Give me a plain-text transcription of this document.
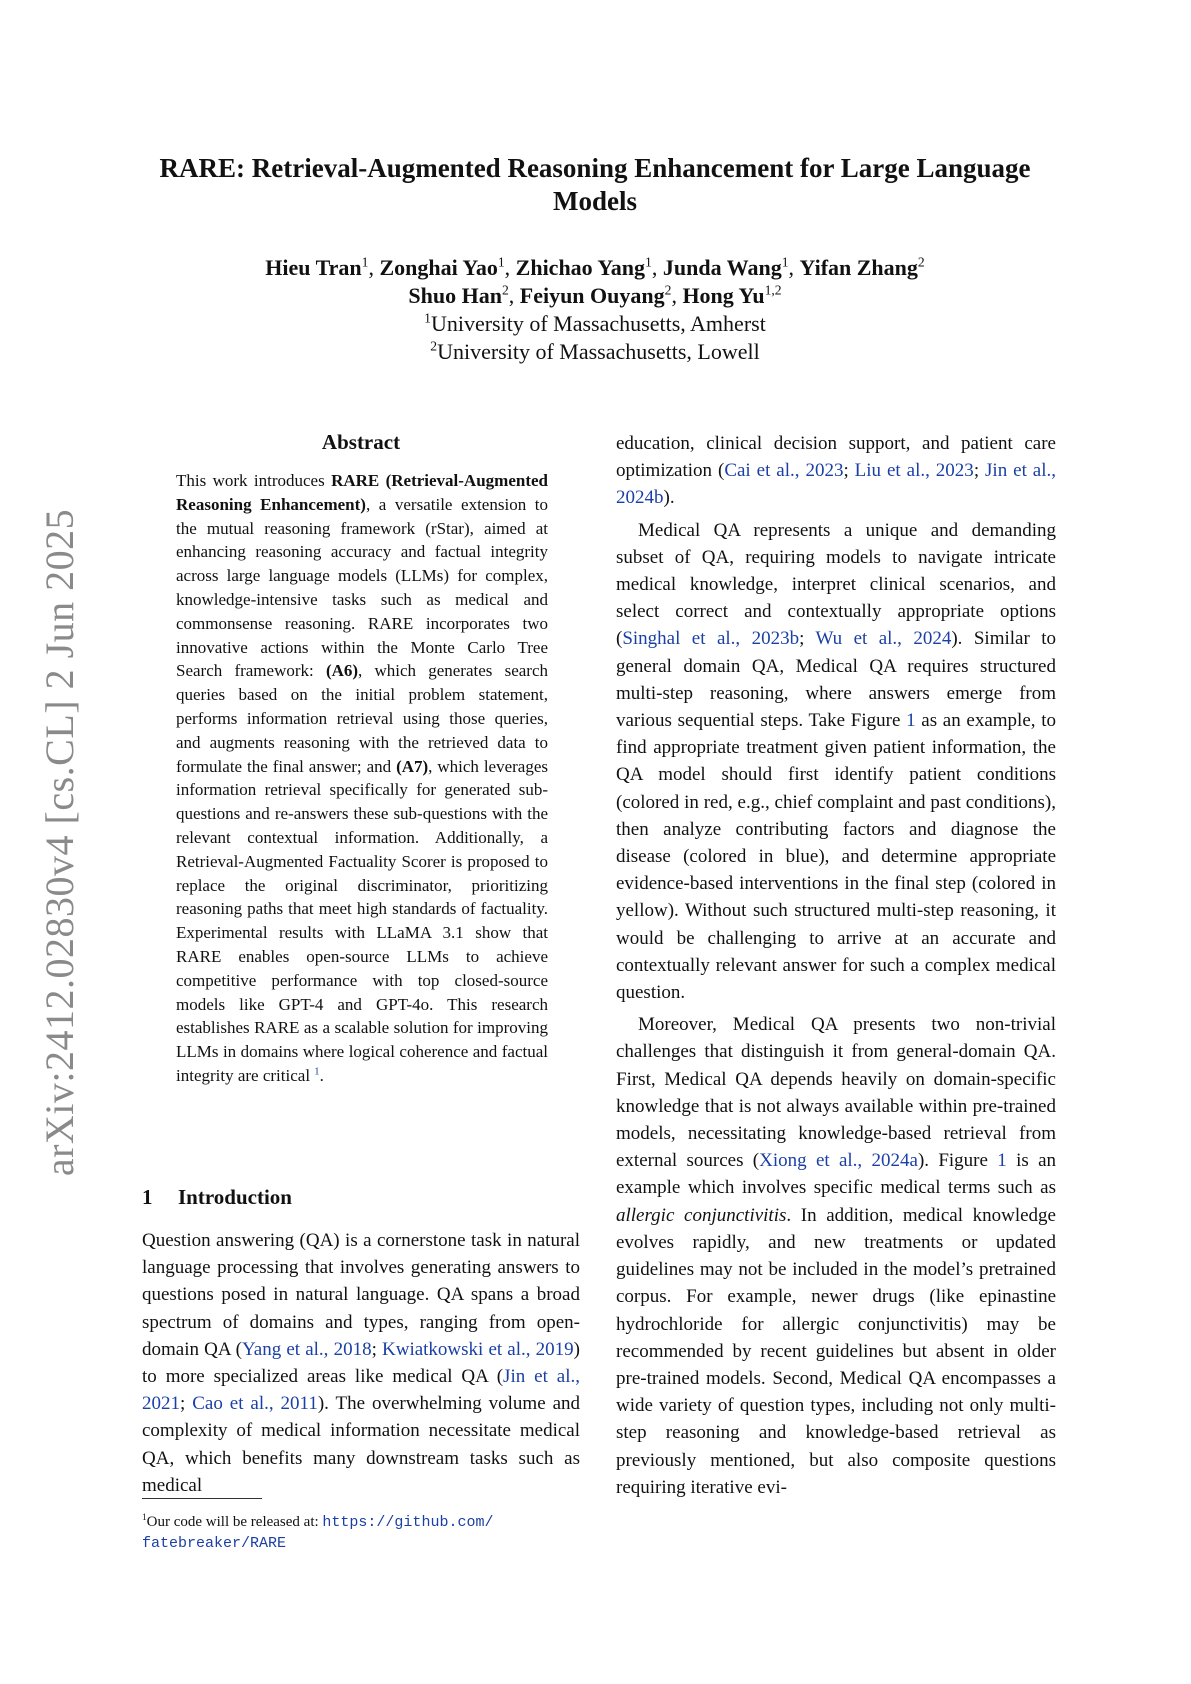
arXiv:2412.02830v4 [cs.CL] 2 Jun 2025
RARE: Retrieval-Augmented Reasoning Enhancement for Large Language Models
Hieu Tran$^1$, Zonghai Yao$^1$, Zhichao Yang$^1$, Junda Wang$^1$, Yifan Zhang$^2$
Shuo Han$^2$, Feiyun Ouyang$^2$, Hong Yu$^{1,2}$
$^1$University of Massachusetts, Amherst
$^2$University of Massachusetts, Lowell
Abstract
This work introduces RARE (Retrieval-Augmented Reasoning Enhancement), a versatile extension to the mutual reasoning framework (rStar), aimed at enhancing reasoning accuracy and factual integrity across large language models (LLMs) for complex, knowledge-intensive tasks such as medical and commonsense reasoning. RARE incorporates two innovative actions within the Monte Carlo Tree Search framework: (A6), which generates search queries based on the initial problem statement, performs information retrieval using those queries, and augments reasoning with the retrieved data to formulate the final answer; and (A7), which leverages information retrieval specifically for generated sub-questions and re-answers these sub-questions with the relevant contextual information. Additionally, a Retrieval-Augmented Factuality Scorer is proposed to replace the original discriminator, prioritizing reasoning paths that meet high standards of factuality. Experimental results with LLaMA 3.1 show that RARE enables open-source LLMs to achieve competitive performance with top closed-source models like GPT-4 and GPT-4o. This research establishes RARE as a scalable solution for improving LLMs in domains where logical coherence and factual integrity are critical $^1$.
1 Introduction
Question answering (QA) is a cornerstone task in natural language processing that involves generating answers to questions posed in natural language. QA spans a broad spectrum of domains and types, ranging from open-domain QA (Yang et al., 2018; Kwiatkowski et al., 2019) to more specialized areas like medical QA (Jin et al., 2021; Cao et al., 2011). The overwhelming volume and complexity of medical information necessitate medical QA, which benefits many downstream tasks such as medical
$^1$Our code will be released at: https://github.com/
fatebreaker/RARE

education, clinical decision support, and patient care optimization (Cai et al., 2023; Liu et al., 2023; Jin et al., 2024b).

Medical QA represents a unique and demanding subset of QA, requiring models to navigate intricate medical knowledge, interpret clinical scenarios, and select correct and contextually appropriate options (Singhal et al., 2023b; Wu et al., 2024). Similar to general domain QA, Medical QA requires structured multi-step reasoning, where answers emerge from various sequential steps. Take Figure 1 as an example, to find appropriate treatment given patient information, the QA model should first identify patient conditions (colored in red, e.g., chief complaint and past conditions), then analyze contributing factors and diagnose the disease (colored in blue), and determine appropriate evidence-based interventions in the final step (colored in yellow). Without such structured multi-step reasoning, it would be challenging to arrive at an accurate and contextually relevant answer for such a complex medical question.

Moreover, Medical QA presents two non-trivial challenges that distinguish it from general-domain QA. First, Medical QA depends heavily on domain-specific knowledge that is not always available within pre-trained models, necessitating knowledge-based retrieval from external sources (Xiong et al., 2024a). Figure 1 is an example which involves specific medical terms such as allergic conjunctivitis. In addition, medical knowledge evolves rapidly, and new treatments or updated guidelines may not be included in the model’s pretrained corpus. For example, newer drugs (like epinastine hydrochloride for allergic conjunctivitis) may be recommended by recent guidelines but absent in older pre-trained models. Second, Medical QA encompasses a wide variety of question types, including not only multi-step reasoning and knowledge-based retrieval as previously mentioned, but also composite questions requiring iterative evi-
